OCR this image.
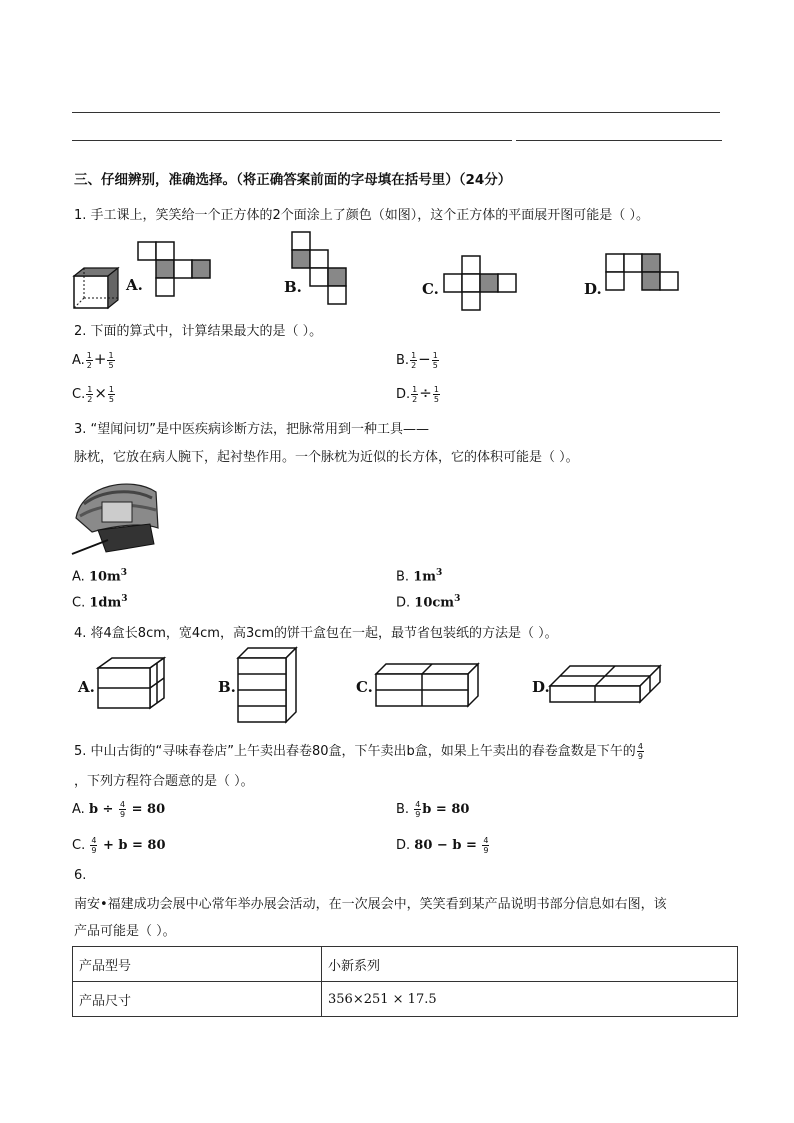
三、仔细辨别，准确选择。（将正确答案前面的字母填在括号里）（24分）
1. 手工课上，笑笑给一个正方体的2个面涂上了颜色（如图），这个正方体的平面展开图可能是（ ）。
A.	B.	C.	D.
2. 下面的算式中，计算结果最大的是（ ）。
A. $\frac{1}{2} + \frac{1}{5}$	B. $\frac{1}{2} - \frac{1}{5}$
C. $\frac{1}{2} \times \frac{1}{5}$	D. $\frac{1}{2} \div \frac{1}{5}$
3. “望闻问切”是中医疾病诊断方法，把脉常用到一种工具——
脉枕，它放在病人腕下，起衬垫作用。一个脉枕为近似的长方体，它的体积可能是（ ）。
A. $10m^3$	B. $1m^3$
C. $1dm^3$	D. $10cm^3$
4. 将4盒长8cm，宽4cm，高3cm的饼干盒包在一起，最节省包装纸的方法是（ ）。
A.	B.	C.	D.
5. 中山古街的“寻味春卷店”上午卖出春卷80盒，下午卖出b盒，如果上午卖出的春卷盒数是下午的 $\frac{4}{9}$
，下列方程符合题意的是（ ）。
A. $b \div \frac{4}{9} = 80$	B. $\frac{4}{9}$ b = 80
C. $\frac{4}{9} + b = 80$	D. $80 - b = \frac{4}{9}$
6.
南安•福建成功会展中心常年举办展会活动，在一次展会中，笑笑看到某产品说明书部分信息如右图，该
产品可能是（ ）。
产品型号	小新系列
产品尺寸	356×251 × 17.5
